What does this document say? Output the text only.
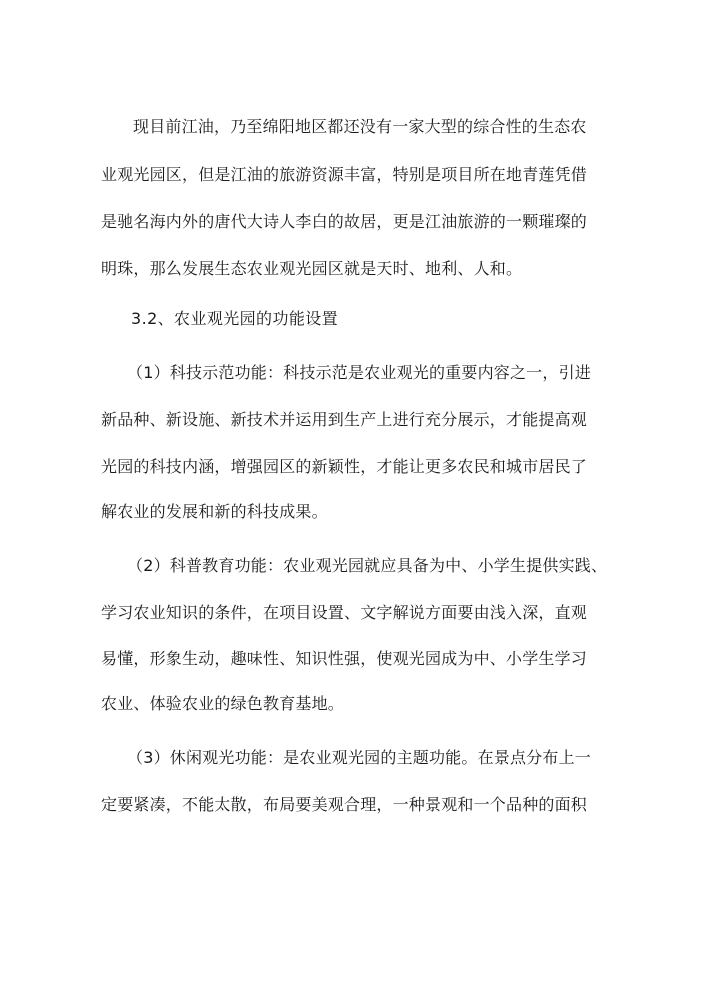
现目前江油，乃至绵阳地区都还没有一家大型的综合性的生态农
业观光园区，但是江油的旅游资源丰富，特别是项目所在地青莲凭借
是驰名海内外的唐代大诗人李白的故居，更是江油旅游的一颗璀璨的
明珠，那么发展生态农业观光园区就是天时、地利、人和。
3.2、农业观光园的功能设置
（1）科技示范功能：科技示范是农业观光的重要内容之一，引进
新品种、新设施、新技术并运用到生产上进行充分展示，才能提高观
光园的科技内涵，增强园区的新颖性，才能让更多农民和城市居民了
解农业的发展和新的科技成果。
（2）科普教育功能：农业观光园就应具备为中、小学生提供实践、
学习农业知识的条件，在项目设置、文字解说方面要由浅入深，直观
易懂，形象生动，趣味性、知识性强，使观光园成为中、小学生学习
农业、体验农业的绿色教育基地。
（3）休闲观光功能：是农业观光园的主题功能。在景点分布上一
定要紧凑，不能太散，布局要美观合理，一种景观和一个品种的面积
